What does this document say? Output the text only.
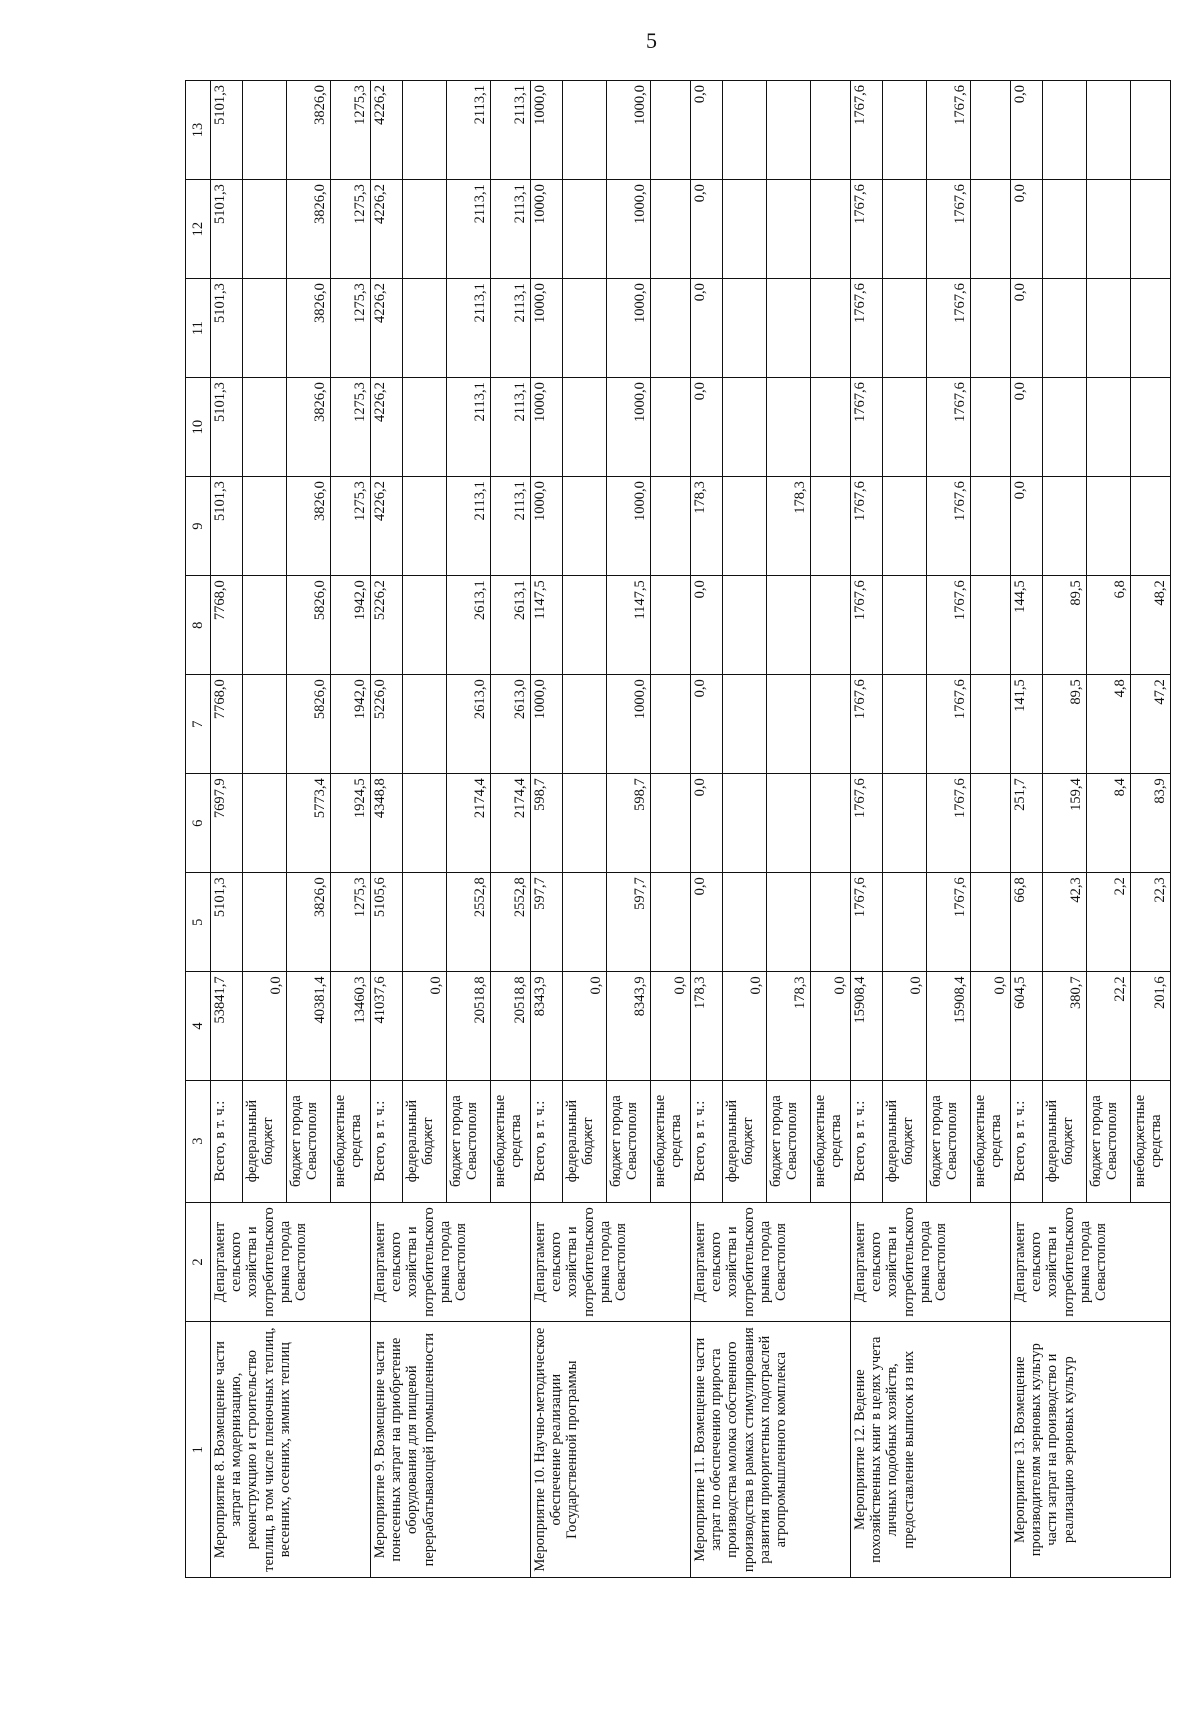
5
1	2	3	4	5	6	7	8	9	10	11	12	13
Мероприятие 8. Возмещение части затрат на модернизацию, реконструкцию и строительство теплиц, в том числе пленочных теплиц, весенних, осенних, зимних теплиц	Департамент сельского хозяйства и потребительского рынка города Севастополя	Всего, в т. ч.:	53841,7	5101,3	7697,9	7768,0	7768,0	5101,3	5101,3	5101,3	5101,3	5101,3
		федеральный бюджет	0,0									
		бюджет города Севастополя	40381,4	3826,0	5773,4	5826,0	5826,0	3826,0	3826,0	3826,0	3826,0	3826,0
		внебюджетные средства	13460,3	1275,3	1924,5	1942,0	1942,0	1275,3	1275,3	1275,3	1275,3	1275,3
Мероприятие 9. Возмещение части понесенных затрат на приобретение оборудования для пищевой перерабатывающей промышленности	Департамент сельского хозяйства и потребительского рынка города Севастополя	Всего, в т. ч.:	41037,6	5105,6	4348,8	5226,0	5226,2	4226,2	4226,2	4226,2	4226,2	4226,2
		федеральный бюджет	0,0									
		бюджет города Севастополя	20518,8	2552,8	2174,4	2613,0	2613,1	2113,1	2113,1	2113,1	2113,1	2113,1
		внебюджетные средства	20518,8	2552,8	2174,4	2613,0	2613,1	2113,1	2113,1	2113,1	2113,1	2113,1
Мероприятие 10. Научно-методическое обеспечение реализации Государственной программы	Департамент сельского хозяйства и потребительского рынка города Севастополя	Всего, в т. ч.:	8343,9	597,7	598,7	1000,0	1147,5	1000,0	1000,0	1000,0	1000,0	1000,0
		федеральный бюджет	0,0									
		бюджет города Севастополя	8343,9	597,7	598,7	1000,0	1147,5	1000,0	1000,0	1000,0	1000,0	1000,0
		внебюджетные средства	0,0									
Мероприятие 11. Возмещение части затрат по обеспечению прироста производства молока собственного производства в рамках стимулирования развития приоритетных подотраслей агропромышленного комплекса	Департамент сельского хозяйства и потребительского рынка города Севастополя	Всего, в т. ч.:	178,3	0,0	0,0	0,0	0,0	178,3	0,0	0,0	0,0	0,0
		федеральный бюджет	0,0									
		бюджет города Севастополя	178,3					178,3				
		внебюджетные средства	0,0									
Мероприятие 12. Ведение похозяйственных книг в целях учета личных подобных хозяйств, предоставление выписок из них	Департамент сельского хозяйства и потребительского рынка города Севастополя	Всего, в т. ч.:	15908,4	1767,6	1767,6	1767,6	1767,6	1767,6	1767,6	1767,6	1767,6	1767,6
		федеральный бюджет	0,0									
		бюджет города Севастополя	15908,4	1767,6	1767,6	1767,6	1767,6	1767,6	1767,6	1767,6	1767,6	1767,6
		внебюджетные средства	0,0									
Мероприятие 13. Возмещение производителям зерновых культур части затрат на производство и реализацию зерновых культур	Департамент сельского хозяйства и потребительского рынка города Севастополя	Всего, в т. ч.:	604,5	66,8	251,7	141,5	144,5	0,0	0,0	0,0	0,0	0,0
		федеральный бюджет	380,7	42,3	159,4	89,5	89,5					
		бюджет города Севастополя	22,2	2,2	8,4	4,8	6,8					
		внебюджетные средства	201,6	22,3	83,9	47,2	48,2					
